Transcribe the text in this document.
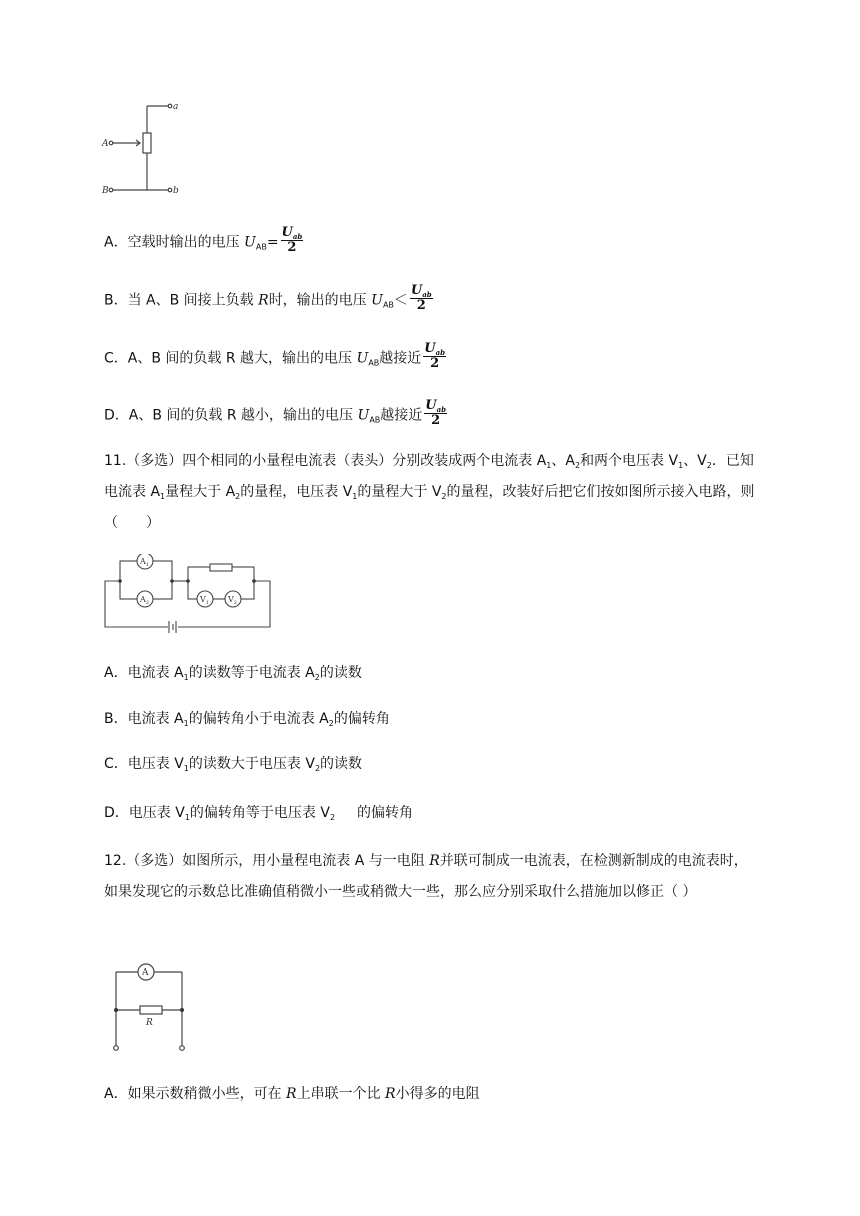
a
A
B	b
A．空载时输出的电压 $U_{AB}= \frac{U_{ab}}{2}$
B．当 A、B 间接上负载 R时，输出的电压 $U_{AB}< \frac{U_{ab}}{2}$
C．A、B 间的负载 R 越大，输出的电压 $U_{AB}$越接近 $\frac{U_{ab}}{2}$
D．A、B 间的负载 R 越小，输出的电压 $U_{AB}$越接近 $\frac{U_{ab}}{2}$
11.（多选）四个相同的小量程电流表（表头）分别改装成两个电流表 $A_1$、$A_2$和两个电压表 $V_1$、$V_2$．已知电流表 $A_1$量程大于 $A_2$的量程，电压表 $V_1$的量程大于 $V_2$的量程，改装好后把它们按如图所示接入电路，则（　　）
$A_1$
$A_2$	$V_1$ $V_2$
A．电流表 $A_1$的读数等于电流表 $A_2$的读数
B．电流表 $A_1$的偏转角小于电流表 $A_2$的偏转角
C．电压表 $V_1$的读数大于电压表 $V_2$的读数
D．电压表 $V_1$的偏转角等于电压表 $V_2$ 的偏转角
12.（多选）如图所示，用小量程电流表 A 与一电阻 R并联可制成一电流表，在检测新制成的电流表时，如果发现它的示数总比准确值稍微小一些或稍微大一些，那么应分别采取什么措施加以修正（ ）
A
R
A．如果示数稍微小些，可在 R上串联一个比 R小得多的电阻
